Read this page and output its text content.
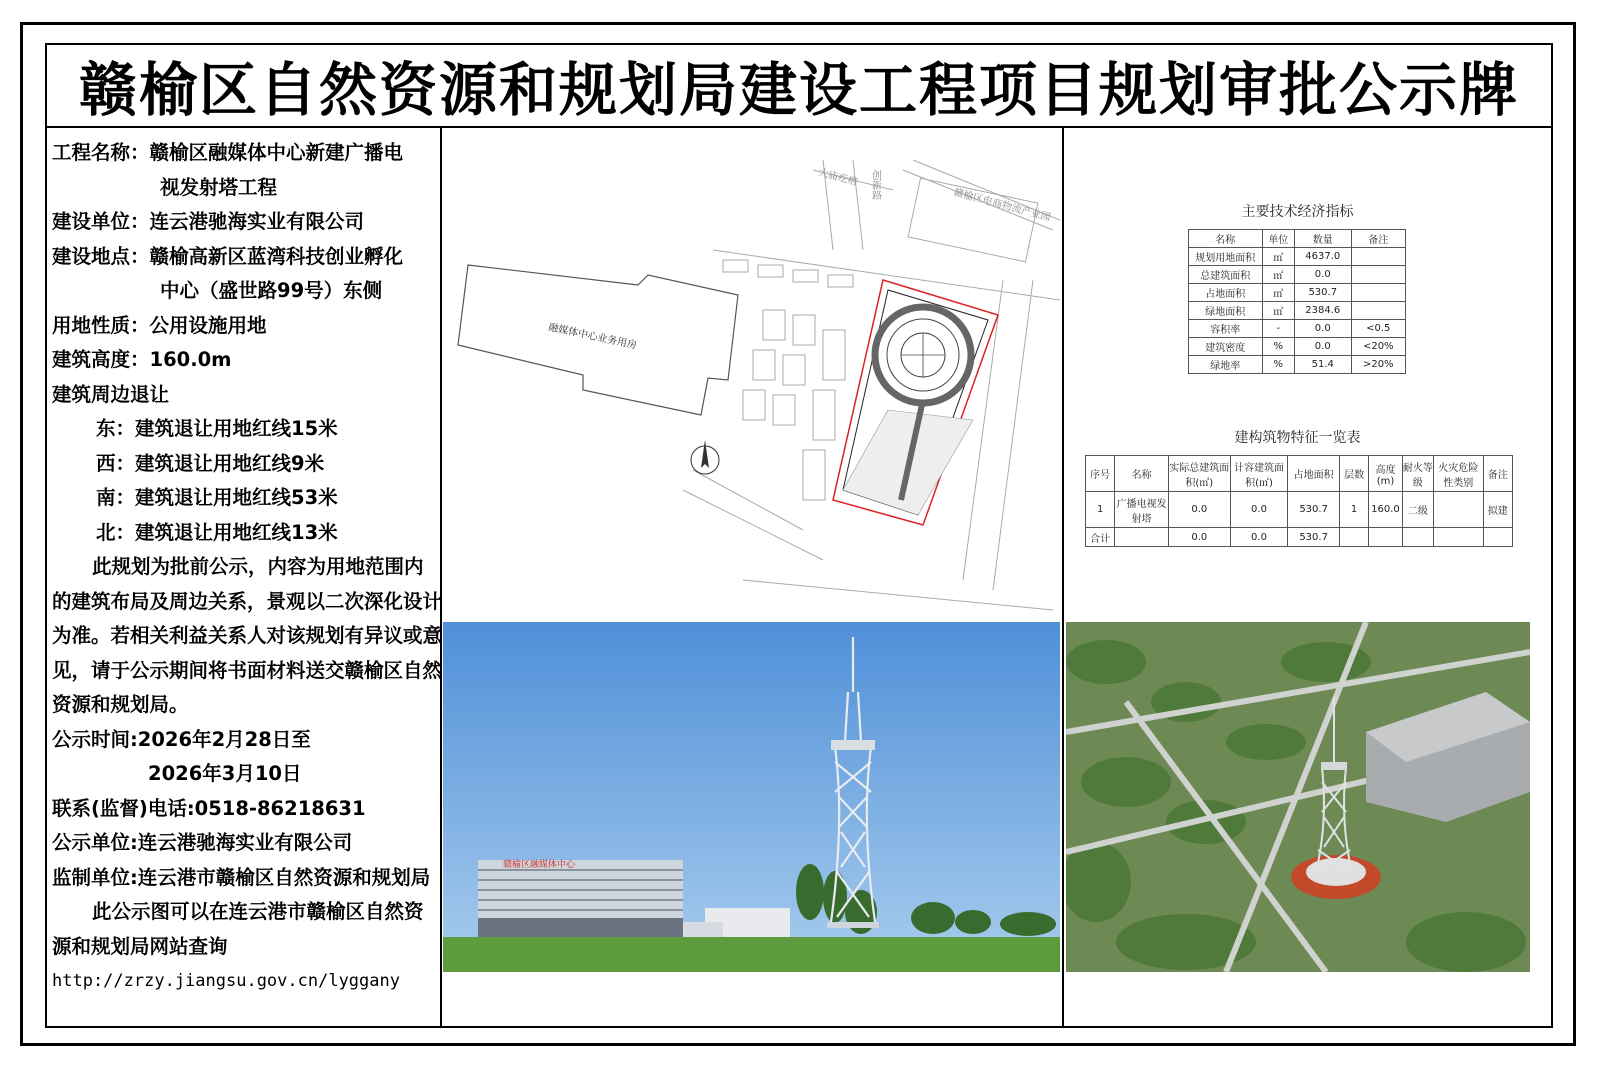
赣榆区自然资源和规划局建设工程项目规划审批公示牌
工程名称：赣榆区融媒体中心新建广播电
视发射塔工程
建设单位：连云港驰海实业有限公司
建设地点：赣榆高新区蓝湾科技创业孵化
中心（盛世路99号）东侧
用地性质：公用设施用地
建筑高度：160.0m
建筑周边退让
东：建筑退让用地红线15米
西：建筑退让用地红线9米
南：建筑退让用地红线53米
北：建筑退让用地红线13米
此规划为批前公示，内容为用地范围内的建筑布局及周边关系，景观以二次深化设计为准。若相关利益关系人对该规划有异议或意见，请于公示期间将书面材料送交赣榆区自然资源和规划局。
公示时间:2026年2月28日至
2026年3月10日
联系(监督)电话:0518-86218631
公示单位:连云港驰海实业有限公司
监制单位:连云港市赣榆区自然资源和规划局
此公示图可以在连云港市赣榆区自然资源和规划局网站查询
http://zrzy.jiangsu.gov.cn/lyggany
融媒体中心业务用房
大庙疙瘩 创新路
赣榆区电商物流产业园	主要技术经济指标
名称	单位	数量	备注
规划用地面积	㎡	4637.0	
总建筑面积	㎡	0.0	
占地面积	㎡	530.7	
绿地面积	㎡	2384.6	
容积率	-	0.0	<0.5
建筑密度	%	0.0	<20%
绿地率	%	51.4	>20%
建构筑物特征一览表
序号	名称	实际总建筑面积(㎡)	计容建筑面积(㎡)	占地面积	层数	高度(m)	耐火等级	火灾危险性类别	备注
1	广播电视发射塔	0.0	0.0	530.7	1	160.0	二级		拟建
合计		0.0	0.0	530.7					
赣榆区融媒体中心
